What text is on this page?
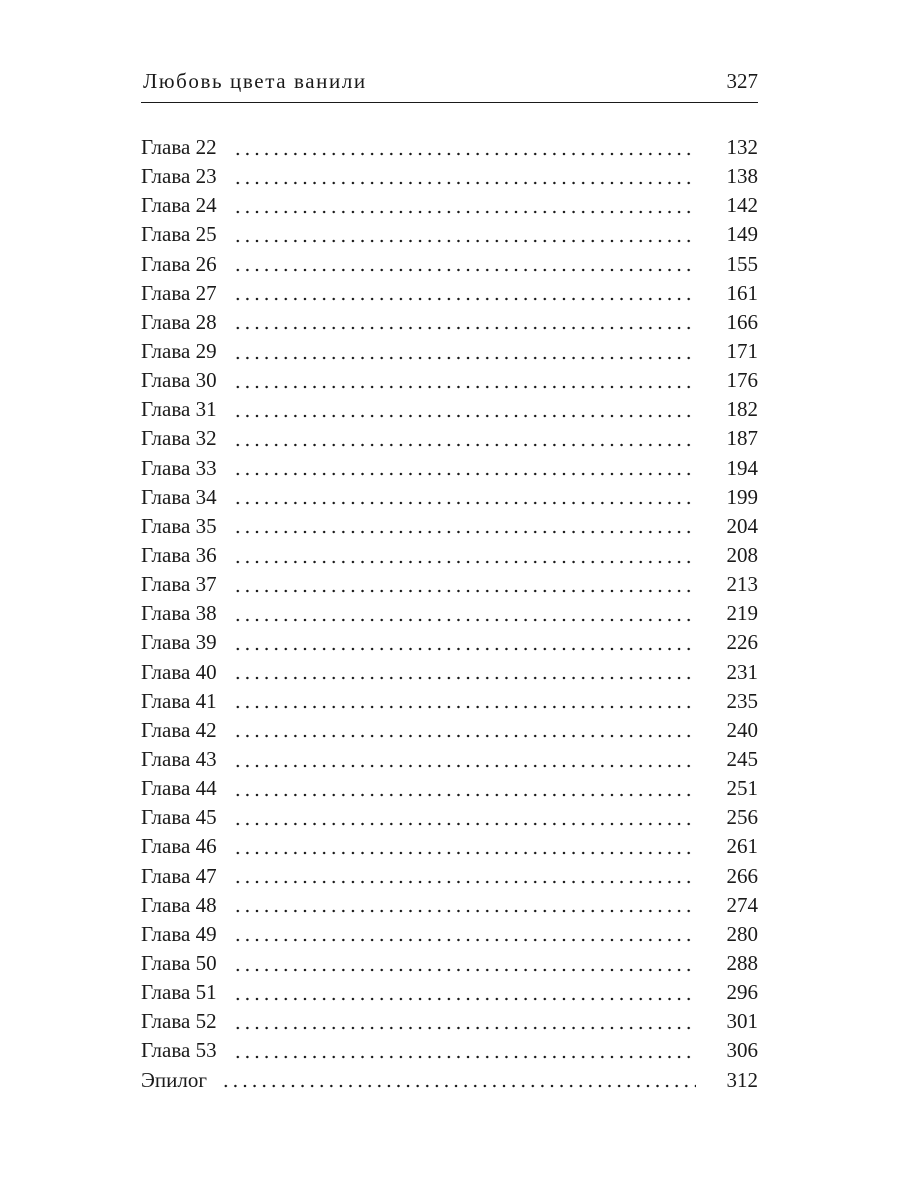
Любовь цвета ванили	327
Глава 22	132
Глава 23	138
Глава 24	142
Глава 25	149
Глава 26	155
Глава 27	161
Глава 28	166
Глава 29	171
Глава 30	176
Глава 31	182
Глава 32	187
Глава 33	194
Глава 34	199
Глава 35	204
Глава 36	208
Глава 37	213
Глава 38	219
Глава 39	226
Глава 40	231
Глава 41	235
Глава 42	240
Глава 43	245
Глава 44	251
Глава 45	256
Глава 46	261
Глава 47	266
Глава 48	274
Глава 49	280
Глава 50	288
Глава 51	296
Глава 52	301
Глава 53	306
Эпилог	312
